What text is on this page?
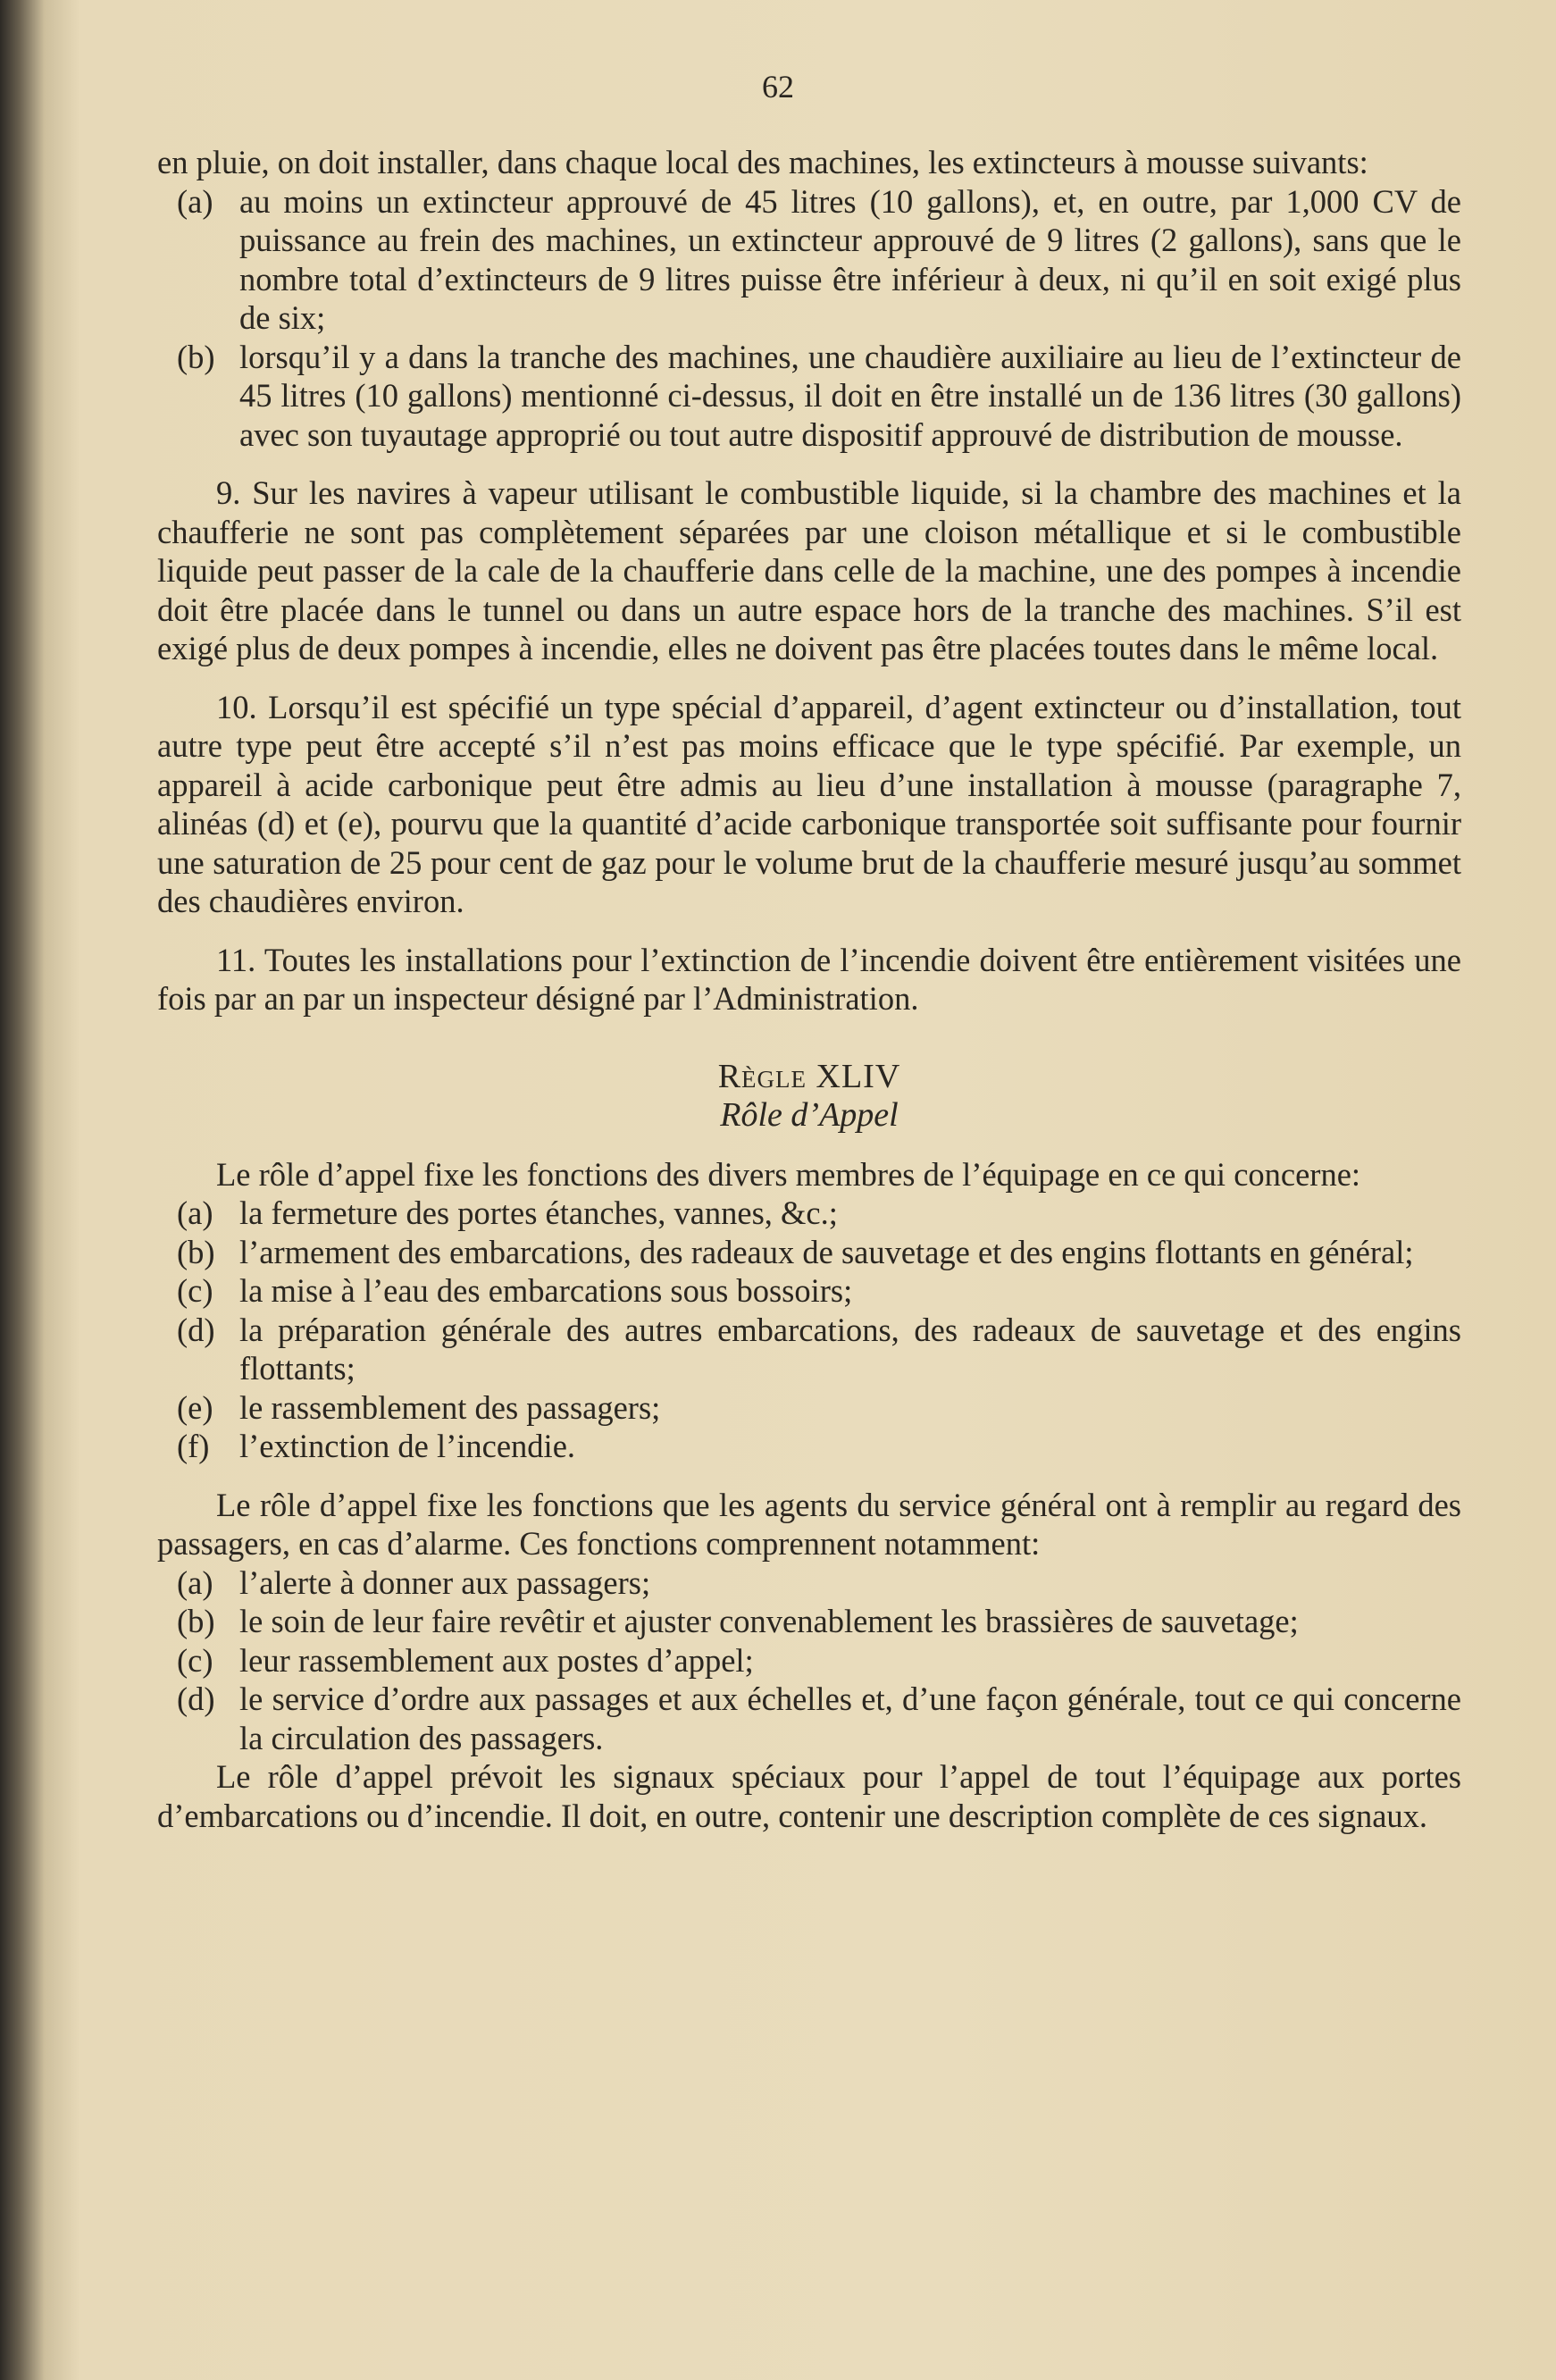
62

en pluie, on doit installer, dans chaque local des machines, les extincteurs à mousse suivants:

(a) au moins un extincteur approuvé de 45 litres (10 gallons), et, en outre, par 1,000 CV de puissance au frein des machines, un extincteur approuvé de 9 litres (2 gallons), sans que le nombre total d’extincteurs de 9 litres puisse être inférieur à deux, ni qu’il en soit exigé plus de six;
(b) lorsqu’il y a dans la tranche des machines, une chaudière auxiliaire au lieu de l’extincteur de 45 litres (10 gallons) mentionné ci-dessus, il doit en être installé un de 136 litres (30 gallons) avec son tuyautage approprié ou tout autre dispositif approuvé de distribution de mousse.

9. Sur les navires à vapeur utilisant le combustible liquide, si la chambre des machines et la chaufferie ne sont pas complètement séparées par une cloison métallique et si le combustible liquide peut passer de la cale de la chaufferie dans celle de la machine, une des pompes à incendie doit être placée dans le tunnel ou dans un autre espace hors de la tranche des machines. S’il est exigé plus de deux pompes à incendie, elles ne doivent pas être placées toutes dans le même local.

10. Lorsqu’il est spécifié un type spécial d’appareil, d’agent extincteur ou d’installation, tout autre type peut être accepté s’il n’est pas moins efficace que le type spécifié. Par exemple, un appareil à acide carbonique peut être admis au lieu d’une installation à mousse (paragraphe 7, alinéas (d) et (e), pourvu que la quantité d’acide carbonique transportée soit suffisante pour fournir une saturation de 25 pour cent de gaz pour le volume brut de la chaufferie mesuré jusqu’au sommet des chaudières environ.

11. Toutes les installations pour l’extinction de l’incendie doivent être entièrement visitées une fois par an par un inspecteur désigné par l’Administration.

Règle XLIV

Rôle d’Appel

Le rôle d’appel fixe les fonctions des divers membres de l’équipage en ce qui concerne:

(a) la fermeture des portes étanches, vannes, &c.;
(b) l’armement des embarcations, des radeaux de sauvetage et des engins flottants en général;
(c) la mise à l’eau des embarcations sous bossoirs;
(d) la préparation générale des autres embarcations, des radeaux de sauvetage et des engins flottants;
(e) le rassemblement des passagers;
(f) l’extinction de l’incendie.

Le rôle d’appel fixe les fonctions que les agents du service général ont à remplir au regard des passagers, en cas d’alarme. Ces fonctions comprennent notamment:

(a) l’alerte à donner aux passagers;
(b) le soin de leur faire revêtir et ajuster convenablement les brassières de sauvetage;
(c) leur rassemblement aux postes d’appel;
(d) le service d’ordre aux passages et aux échelles et, d’une façon générale, tout ce qui concerne la circulation des passagers.

Le rôle d’appel prévoit les signaux spéciaux pour l’appel de tout l’équipage aux portes d’embarcations ou d’incendie. Il doit, en outre, contenir une description complète de ces signaux.
